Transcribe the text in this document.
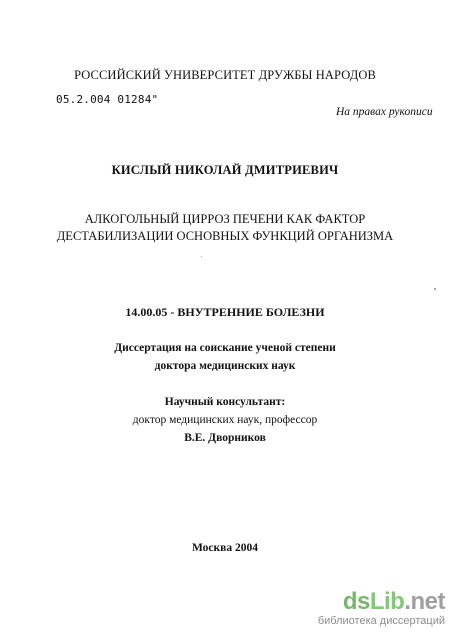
РОССИЙСКИЙ УНИВЕРСИТЕТ ДРУЖБЫ НАРОДОВ
05.2.004 01284"
На правах рукописи
КИСЛЫЙ НИКОЛАЙ ДМИТРИЕВИЧ
АЛКОГОЛЬНЫЙ ЦИРРОЗ ПЕЧЕНИ КАК ФАКТОР
ДЕСТАБИЛИЗАЦИИ ОСНОВНЫХ ФУНКЦИЙ ОРГАНИЗМА
14.00.05 - ВНУТРЕННИЕ БОЛЕЗНИ
Диссертация на соискание ученой степени
доктора медицинских наук
Научный консультант:
доктор медицинских наук, профессор
В.Е. Дворников
Москва 2004
dsLib.net
библиотека диссертаций
